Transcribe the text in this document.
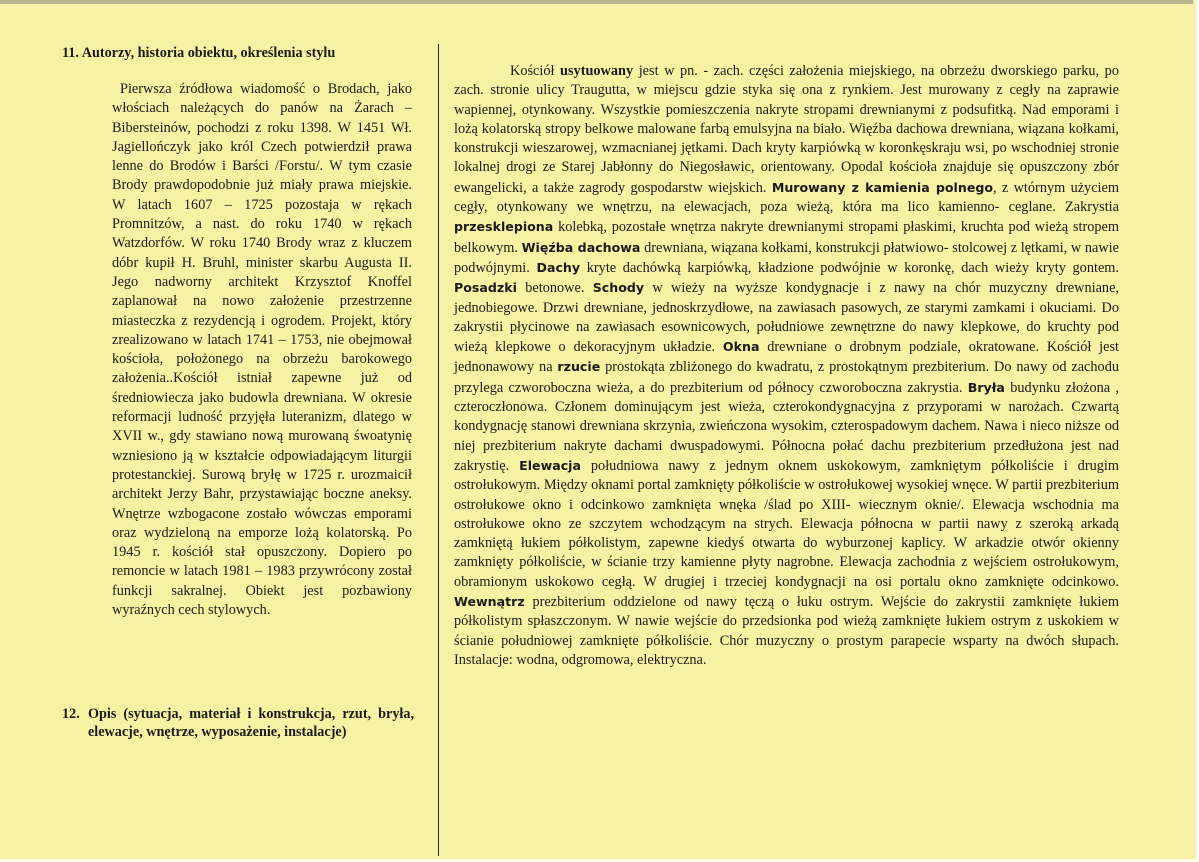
11. Autorzy, historia obiektu, określenia stylu

Pierwsza źródłowa wiadomość o Brodach, jako włościach należących do panów na Żarach – Bibersteinów, pochodzi z roku 1398. W 1451 Wł. Jagiellończyk jako król Czech potwierdził prawa lenne do Brodów i Barści /Forstu/. W tym czasie Brody prawdopodobnie już miały prawa miejskie. W latach 1607 – 1725 pozostaja w rękach Promnitzów, a nast. do roku 1740 w rękach Watzdorfów. W roku 1740 Brody wraz z kluczem dóbr kupił H. Bruhl, minister skarbu Augusta II. Jego nadworny architekt Krzysztof Knoffel zaplanował na nowo założenie przestrzenne miasteczka z rezydencją i ogrodem. Projekt, który zrealizowano w latach 1741 – 1753, nie obejmował kościoła, położonego na obrzeżu barokowego założenia..Kościół istniał zapewne już od średniowiecza jako budowla drewniana. W okresie reformacji ludność przyjęła luteranizm, dlatego w XVII w., gdy stawiano nową murowaną śwoatynię wzniesiono ją w kształcie odpowiadającym liturgii protestanckiej. Surową bryłę w 1725 r. urozmaicił architekt Jerzy Bahr, przystawiając boczne aneksy. Wnętrze wzbogacone zostało wówczas emporami oraz wydzieloną na emporze lożą kolatorską. Po 1945 r. kościół stał opuszczony. Dopiero po remoncie w latach 1981 – 1983 przywrócony został funkcji sakralnej. Obiekt jest pozbawiony wyraźnych cech stylowych.

12. Opis (sytuacja, materiał i konstrukcja, rzut, bryła, elewacje, wnętrze, wyposażenie, instalacje)

Kościół usytuowany jest w pn. - zach. części założenia miejskiego, na obrzeżu dworskiego parku, po zach. stronie ulicy Traugutta, w miejscu gdzie styka się ona z rynkiem. Jest murowany z cegły na zaprawie wapiennej, otynkowany. Wszystkie pomieszczenia nakryte stropami drewnianymi z podsufitką. Nad emporami i lożą kolatorską stropy belkowe malowane farbą emulsyjna na biało. Więźba dachowa drewniana, wiązana kołkami, konstrukcji wieszarowej, wzmacnianej jętkami. Dach kryty karpiówką w koronkęskraju wsi, po wschodniej stronie lokalnej drogi ze Starej Jabłonny do Niegosławic, orientowany. Opodal kościoła znajduje się opuszczony zbór ewangelicki, a także zagrody gospodarstw wiejskich. Murowany z kamienia polnego, z wtórnym użyciem cegły, otynkowany we wnętrzu, na elewacjach, poza wieżą, która ma lico kamienno- ceglane. Zakrystia przesklepiona kolebką, pozostałe wnętrza nakryte drewnianymi stropami płaskimi, kruchta pod wieżą stropem belkowym. Więźba dachowa drewniana, wiązana kołkami, konstrukcji płatwiowo- stolcowej z lętkami, w nawie podwójnymi. Dachy kryte dachówką karpiówką, kładzione podwójnie w koronkę, dach wieży kryty gontem. Posadzki betonowe. Schody w wieży na wyższe kondygnacje i z nawy na chór muzyczny drewniane, jednobiegowe. Drzwi drewniane, jednoskrzydłowe, na zawiasach pasowych, ze starymi zamkami i okuciami. Do zakrystii płycinowe na zawiasach esownicowych, południowe zewnętrzne do nawy klepkowe, do kruchty pod wieżą klepkowe o dekoracyjnym układzie. Okna drewniane o drobnym podziale, okratowane. Kościół jest jednonawowy na rzucie prostokąta zbliżonego do kwadratu, z prostokątnym prezbiterium. Do nawy od zachodu przylega czworoboczna wieża, a do prezbiterium od północy czworoboczna zakrystia. Bryła budynku złożona , czteroczłonowa. Członem dominującym jest wieża, czterokondygnacyjna z przyporami w narożach. Czwartą kondygnację stanowi drewniana skrzynia, zwieńczona wysokim, czterospadowym dachem. Nawa i nieco niższe od niej prezbiterium nakryte dachami dwuspadowymi. Północna połać dachu prezbiterium przedłużona jest nad zakrystię. Elewacja południowa nawy z jednym oknem uskokowym, zamkniętym półkoliście i drugim ostrołukowym. Między oknami portal zamknięty półkoliście w ostrołukowej wysokiej wnęce. W partii prezbiterium ostrołukowe okno i odcinkowo zamknięta wnęka /ślad po XIII- wiecznym oknie/. Elewacja wschodnia ma ostrołukowe okno ze szczytem wchodzącym na strych. Elewacja północna w partii nawy z szeroką arkadą zamkniętą łukiem półkolistym, zapewne kiedyś otwarta do wyburzonej kaplicy. W arkadzie otwór okienny zamknięty półkoliście, w ścianie trzy kamienne płyty nagrobne. Elewacja zachodnia z wejściem ostrołukowym, obramionym uskokowo cegłą. W drugiej i trzeciej kondygnacji na osi portalu okno zamknięte odcinkowo. Wewnątrz prezbiterium oddzielone od nawy tęczą o łuku ostrym. Wejście do zakrystii zamknięte łukiem półkolistym spłaszczonym. W nawie wejście do przedsionka pod wieżą zamknięte łukiem ostrym z uskokiem w ścianie południowej zamknięte półkoliście. Chór muzyczny o prostym parapecie wsparty na dwóch słupach. Instalacje: wodna, odgromowa, elektryczna.
